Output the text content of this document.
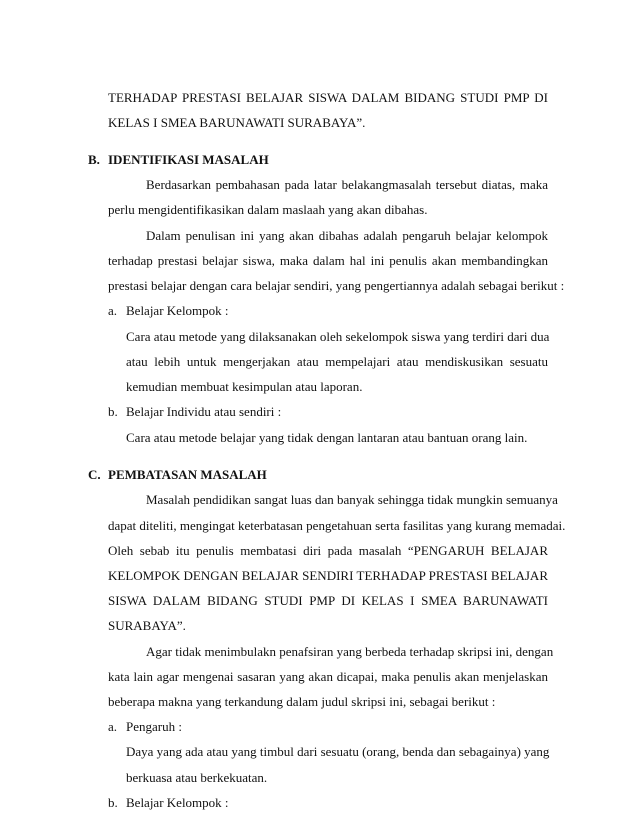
TERHADAP PRESTASI BELAJAR SISWA DALAM BIDANG STUDI PMP DI

KELAS I SMEA BARUNAWATI SURABAYA”.

B. IDENTIFIKASI MASALAH

Berdasarkan pembahasan pada latar belakangmasalah tersebut diatas, maka

perlu mengidentifikasikan dalam maslaah yang akan dibahas.

Dalam penulisan ini yang akan dibahas adalah pengaruh belajar kelompok

terhadap prestasi belajar siswa, maka dalam hal ini penulis akan membandingkan

prestasi belajar dengan cara belajar sendiri, yang pengertiannya adalah sebagai berikut :

a. Belajar Kelompok :

Cara atau metode yang dilaksanakan oleh sekelompok siswa yang terdiri dari dua

atau lebih untuk mengerjakan atau mempelajari atau mendiskusikan sesuatu

kemudian membuat kesimpulan atau laporan.

b. Belajar Individu atau sendiri :

Cara atau metode belajar yang tidak dengan lantaran atau bantuan orang lain.

C. PEMBATASAN MASALAH

Masalah pendidikan sangat luas dan banyak sehingga tidak mungkin semuanya

dapat diteliti, mengingat keterbatasan pengetahuan serta fasilitas yang kurang memadai.

Oleh sebab itu penulis membatasi diri pada masalah “PENGARUH BELAJAR

KELOMPOK DENGAN BELAJAR SENDIRI TERHADAP PRESTASI BELAJAR

SISWA DALAM BIDANG STUDI PMP DI KELAS I SMEA BARUNAWATI

SURABAYA”.

Agar tidak menimbulakn penafsiran yang berbeda terhadap skripsi ini, dengan

kata lain agar mengenai sasaran yang akan dicapai, maka penulis akan menjelaskan

beberapa makna yang terkandung dalam judul skripsi ini, sebagai berikut :

a. Pengaruh :

Daya yang ada atau yang timbul dari sesuatu (orang, benda dan sebagainya) yang

berkuasa atau berkekuatan.

b. Belajar Kelompok :
